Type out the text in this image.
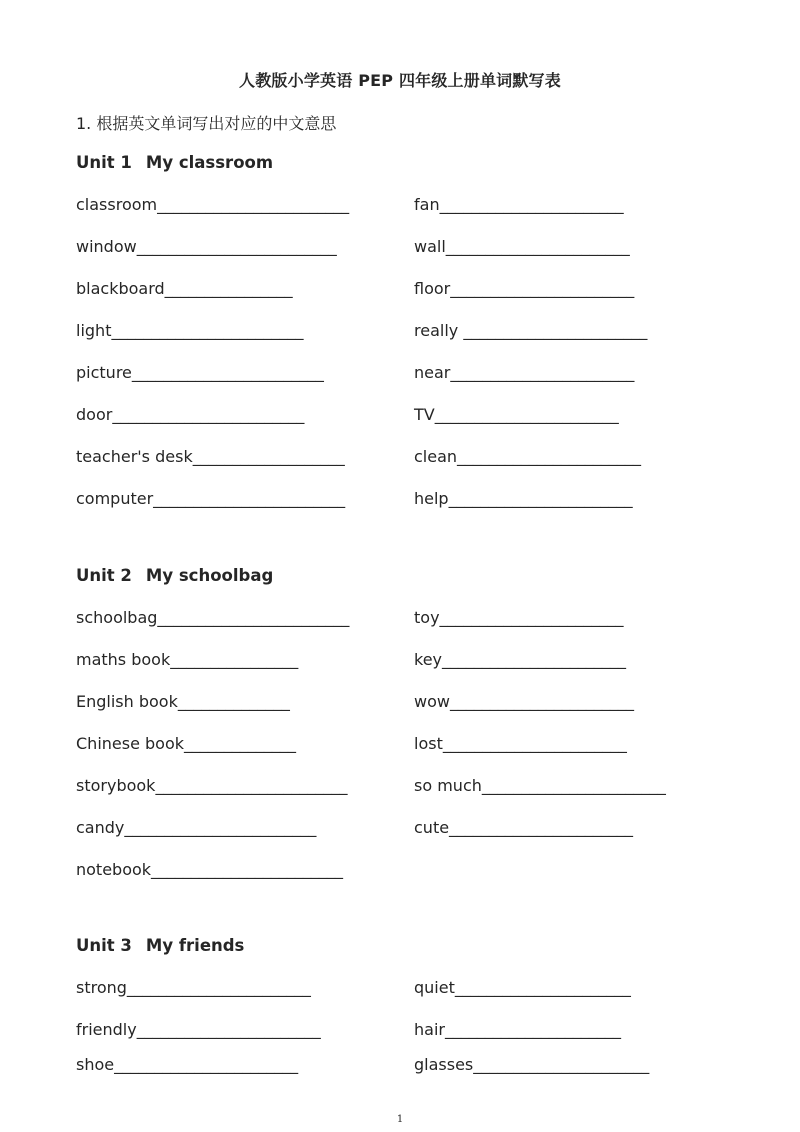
人教版小学英语 PEP 四年级上册单词默写表
1. 根据英文单词写出对应的中文意思
Unit 1 My classroom
classroom________________________	fan_______________________
window_________________________	wall_______________________
blackboard________________	floor_______________________
light________________________	really _______________________
picture________________________	near_______________________
door________________________	TV_______________________
teacher's desk___________________	clean_______________________
computer________________________	help_______________________
Unit 2 My schoolbag
schoolbag________________________	toy_______________________
maths book________________	key_______________________
English book______________	wow_______________________
Chinese book______________	lost_______________________
storybook________________________	so much_______________________
candy________________________	cute_______________________
notebook________________________
Unit 3 My friends
strong_______________________	quiet______________________
friendly_______________________	hair______________________
shoe_______________________	glasses______________________
1
